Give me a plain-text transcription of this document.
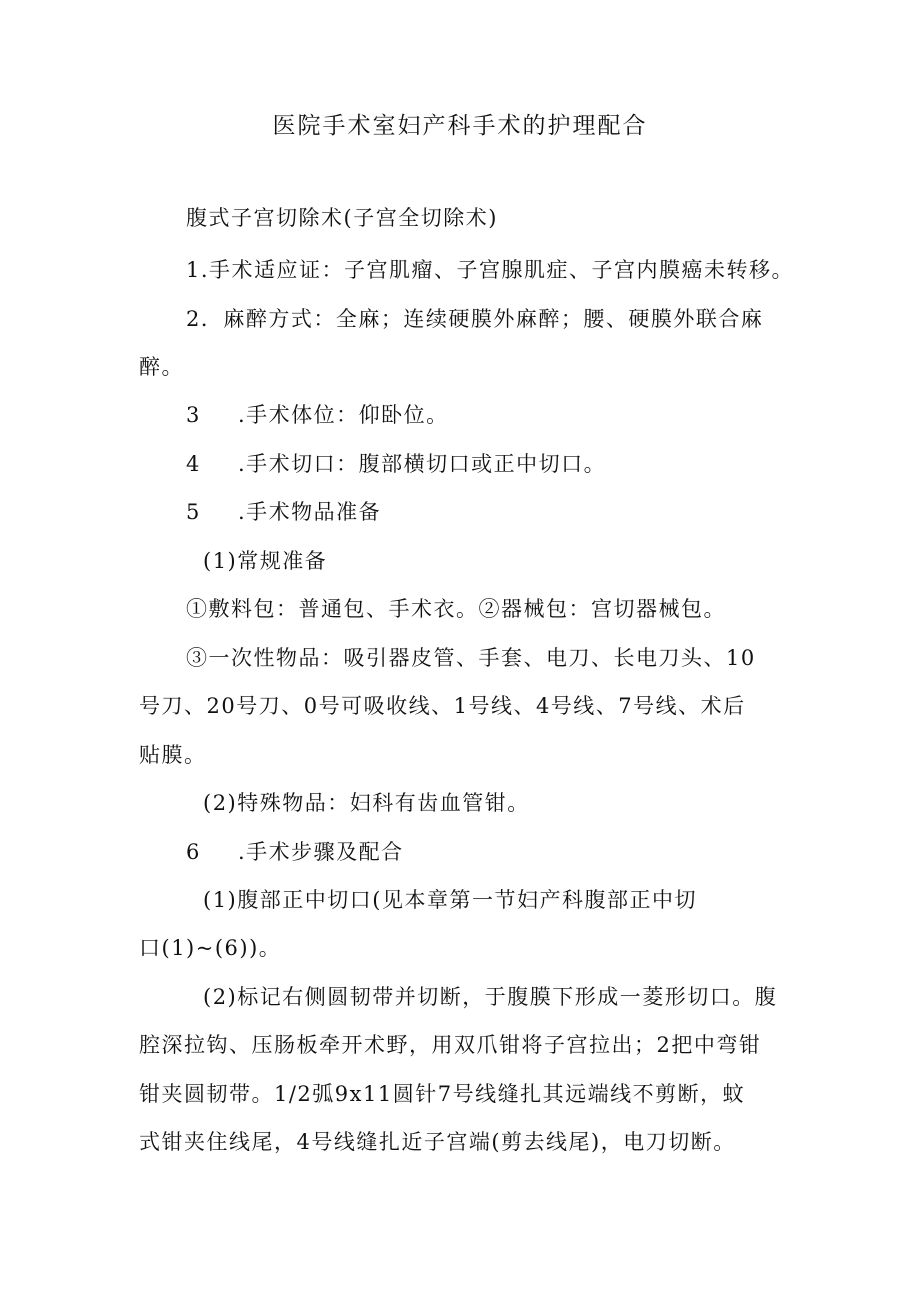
医院手术室妇产科手术的护理配合
腹式子宫切除术(子宫全切除术)
1.手术适应证：子宫肌瘤、子宫腺肌症、子宫内膜癌未转移。
2．麻醉方式：全麻；连续硬膜外麻醉；腰、硬膜外联合麻
醉。
3 .手术体位：仰卧位。
4 .手术切口：腹部横切口或正中切口。
5 .手术物品准备
(1)常规准备
①敷料包：普通包、手术衣。②器械包：宫切器械包。
③一次性物品：吸引器皮管、手套、电刀、长电刀头、10
号刀、20号刀、0号可吸收线、1号线、4号线、7号线、术后
贴膜。
(2)特殊物品：妇科有齿血管钳。
6 .手术步骤及配合
(1)腹部正中切口(见本章第一节妇产科腹部正中切
口(1)~(6))。
(2)标记右侧圆韧带并切断，于腹膜下形成一菱形切口。腹
腔深拉钩、压肠板牵开术野，用双爪钳将子宫拉出；2把中弯钳
钳夹圆韧带。1/2弧9x11圆针7号线缝扎其远端线不剪断，蚊
式钳夹住线尾，4号线缝扎近子宫端(剪去线尾)，电刀切断。
